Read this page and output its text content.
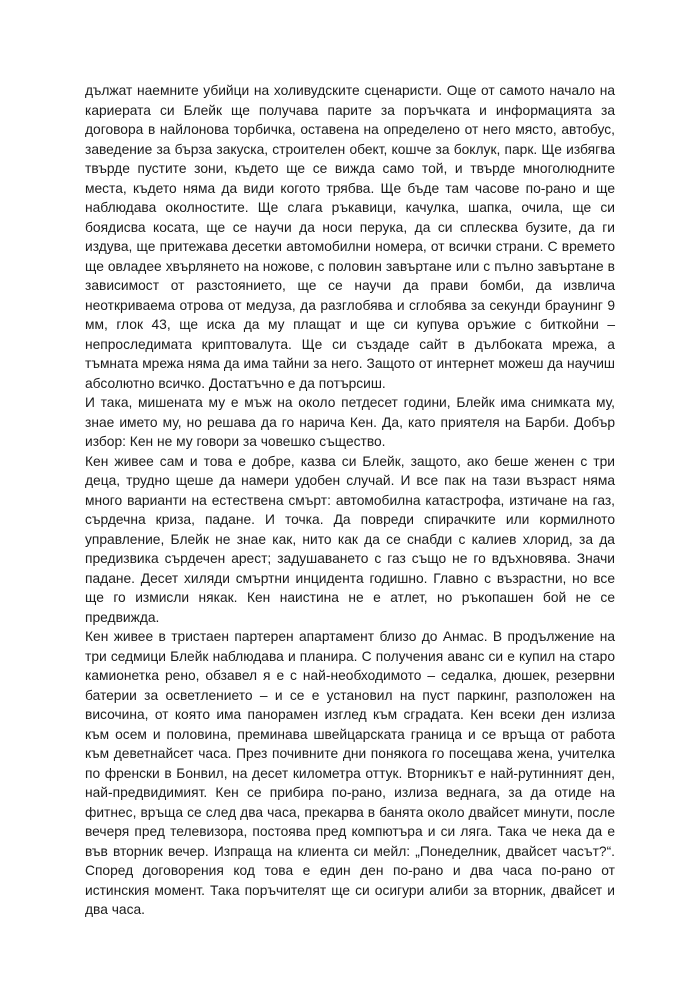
дължат наемните убийци на холивудските сценаристи. Още от самото начало на кариерата си Блейк ще получава парите за поръчката и информацията за договора в найлонова торбичка, оставена на определено от него място, автобус, заведение за бърза закуска, строителен обект, кошче за боклук, парк. Ще избягва твърде пустите зони, където ще се вижда само той, и твърде многолюдните места, където няма да види когото трябва. Ще бъде там часове по-рано и ще наблюдава околностите. Ще слага ръкавици, качулка, шапка, очила, ще си боядисва косата, ще се научи да носи перука, да си сплесква бузите, да ги издува, ще притежава десетки автомобилни номера, от всички страни. С времето ще овладее хвърлянето на ножове, с половин завъртане или с пълно завъртане в зависимост от разстоянието, ще се научи да прави бомби, да извлича неоткриваема отрова от медуза, да разглобява и сглобява за секунди браунинг 9 мм, глок 43, ще иска да му плащат и ще си купува оръжие с биткойни – непроследимата криптовалута. Ще си създаде сайт в дълбоката мрежа, а тъмната мрежа няма да има тайни за него. Защото от интернет можеш да научиш абсолютно всичко. Достатъчно е да потърсиш.

И така, мишената му е мъж на около петдесет години, Блейк има снимката му, знае името му, но решава да го нарича Кен. Да, като приятеля на Барби. Добър избор: Кен не му говори за човешко същество.

Кен живее сам и това е добре, казва си Блейк, защото, ако беше женен с три деца, трудно щеше да намери удобен случай. И все пак на тази възраст няма много варианти на естествена смърт: автомобилна катастрофа, изтичане на газ, сърдечна криза, падане. И точка. Да повреди спирачките или кормилното управление, Блейк не знае как, нито как да се снабди с калиев хлорид, за да предизвика сърдечен арест; задушаването с газ също не го вдъхновява. Значи падане. Десет хиляди смъртни инцидента годишно. Главно с възрастни, но все ще го измисли някак. Кен наистина не е атлет, но ръкопашен бой не се предвижда.

Кен живее в тристаен партерен апартамент близо до Анмас. В продължение на три седмици Блейк наблюдава и планира. С получения аванс си е купил на старо камионетка рено, обзавел я е с най-необходимото – седалка, дюшек, резервни батерии за осветлението – и се е установил на пуст паркинг, разположен на височина, от която има панорамен изглед към сградата. Кен всеки ден излиза към осем и половина, преминава швейцарската граница и се връща от работа към деветнайсет часа. През почивните дни понякога го посещава жена, учителка по френски в Бонвил, на десет километра оттук. Вторникът е най-рутинният ден, най-предвидимият. Кен се прибира по-рано, излиза веднага, за да отиде на фитнес, връща се след два часа, прекарва в банята около двайсет минути, после вечеря пред телевизора, постоява пред компютъра и си ляга. Така че нека да е във вторник вечер. Изпраща на клиента си мейл: „Понеделник, двайсет часът?“. Според договорения код това е един ден по-рано и два часа по-рано от истинския момент. Така поръчителят ще си осигури алиби за вторник, двайсет и два часа.
